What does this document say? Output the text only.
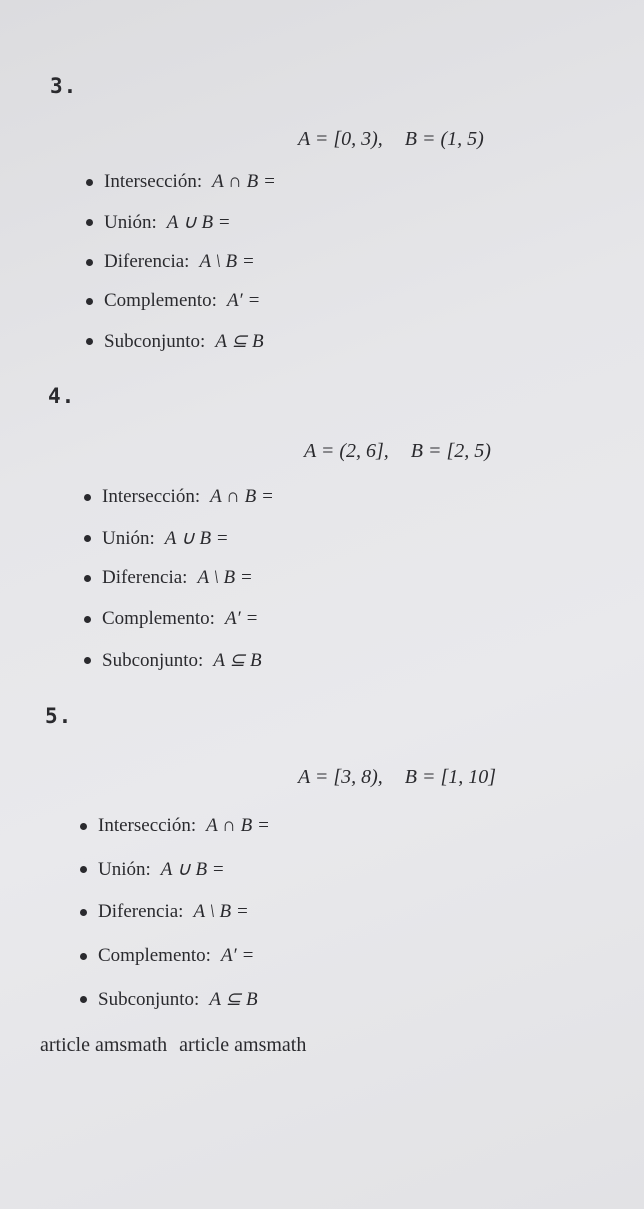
3.
A = [0, 3), B = (1, 5)
Intersección: A ∩ B =
Unión: A ∪ B =
Diferencia: A \ B =
Complemento: A′ =
Subconjunto: A ⊆ B
4.
A = (2, 6], B = [2, 5)
Intersección: A ∩ B =
Unión: A ∪ B =
Diferencia: A \ B =
Complemento: A′ =
Subconjunto: A ⊆ B
5.
A = [3, 8), B = [1, 10]
Intersección: A ∩ B =
Unión: A ∪ B =
Diferencia: A \ B =
Complemento: A′ =
Subconjunto: A ⊆ B
article amsmath article amsmath
